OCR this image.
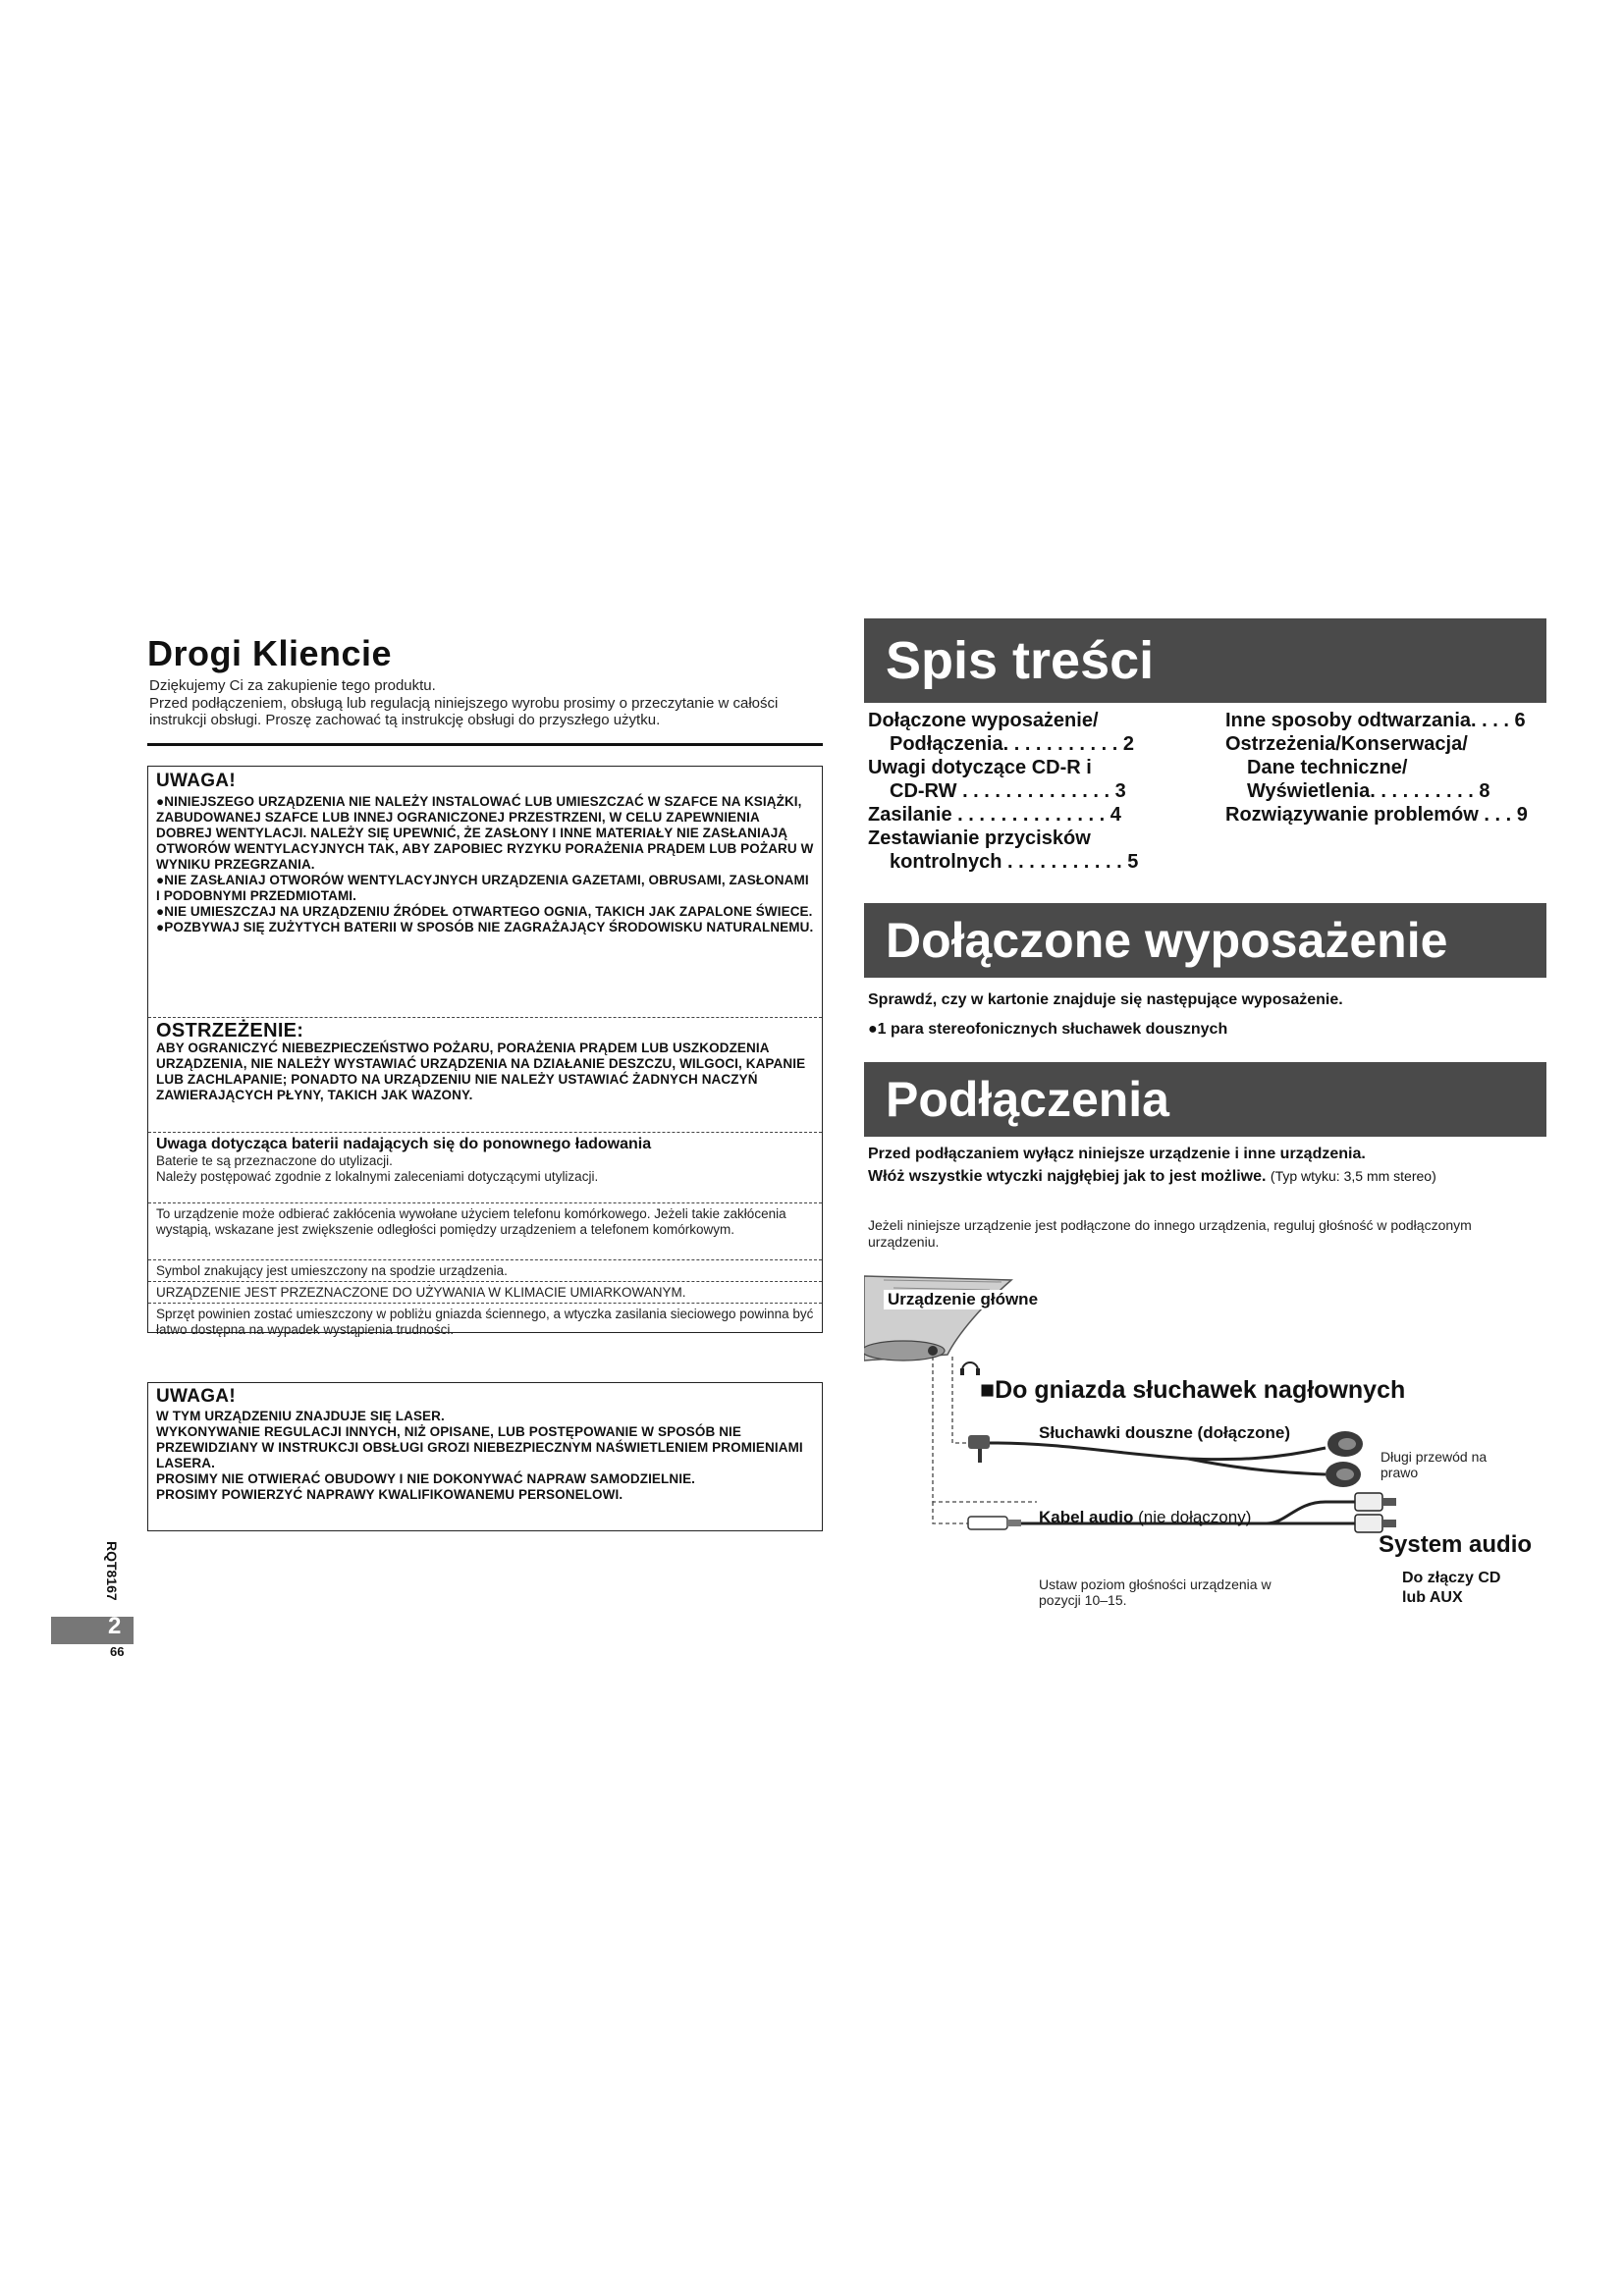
Drogi Kliencie
Dziękujemy Ci za zakupienie tego produktu.
Przed podłączeniem, obsługą lub regulacją niniejszego wyrobu prosimy o przeczytanie w całości instrukcji obsługi. Proszę zachować tą instrukcję obsługi do przyszłego użytku.
UWAGA!
●NINIEJSZEGO URZĄDZENIA NIE NALEŻY INSTALOWAĆ LUB UMIESZCZAĆ W SZAFCE NA KSIĄŻKI, ZABUDOWANEJ SZAFCE LUB INNEJ OGRANICZONEJ PRZESTRZENI, W CELU ZAPEWNIENIA DOBREJ WENTYLACJI. NALEŻY SIĘ UPEWNIĆ, ŻE ZASŁONY I INNE MATERIAŁY NIE ZASŁANIAJĄ OTWORÓW WENTYLACYJNYCH TAK, ABY ZAPOBIEC RYZYKU PORAŻENIA PRĄDEM LUB POŻARU W WYNIKU PRZEGRZANIA.
●NIE ZASŁANIAJ OTWORÓW WENTYLACYJNYCH URZĄDZENIA GAZETAMI, OBRUSAMI, ZASŁONAMI I PODOBNYMI PRZEDMIOTAMI.
●NIE UMIESZCZAJ NA URZĄDZENIU ŹRÓDEŁ OTWARTEGO OGNIA, TAKICH JAK ZAPALONE ŚWIECE.
●POZBYWAJ SIĘ ZUŻYTYCH BATERII W SPOSÓB NIE ZAGRAŻAJĄCY ŚRODOWISKU NATURALNEMU.
OSTRZEŻENIE:
ABY OGRANICZYĆ NIEBEZPIECZEŃSTWO POŻARU, PORAŻENIA PRĄDEM LUB USZKODZENIA URZĄDZENIA, NIE NALEŻY WYSTAWIAĆ URZĄDZENIA NA DZIAŁANIE DESZCZU, WILGOCI, KAPANIE LUB ZACHLAPANIE; PONADTO NA URZĄDZENIU NIE NALEŻY USTAWIAĆ ŻADNYCH NACZYŃ ZAWIERAJĄCYCH PŁYNY, TAKICH JAK WAZONY.
Uwaga dotycząca baterii nadających się do ponownego ładowania
Baterie te są przeznaczone do utylizacji.
Należy postępować zgodnie z lokalnymi zaleceniami dotyczącymi utylizacji.
To urządzenie może odbierać zakłócenia wywołane użyciem telefonu komórkowego. Jeżeli takie zakłócenia wystąpią, wskazane jest zwiększenie odległości pomiędzy urządzeniem a telefonem komórkowym.
Symbol znakujący jest umieszczony na spodzie urządzenia.
URZĄDZENIE JEST PRZEZNACZONE DO UŻYWANIA W KLIMACIE UMIARKOWANYM.
Sprzęt powinien zostać umieszczony w pobliżu gniazda ściennego, a wtyczka zasilania sieciowego powinna być łatwo dostępna na wypadek wystąpienia trudności.
UWAGA!
W TYM URZĄDZENIU ZNAJDUJE SIĘ LASER.
WYKONYWANIE REGULACJI INNYCH, NIŻ OPISANE, LUB POSTĘPOWANIE W SPOSÓB NIE PRZEWIDZIANY W INSTRUKCJI OBSŁUGI GROZI NIEBEZPIECZNYM NAŚWIETLENIEM PROMIENIAMI LASERA.
PROSIMY NIE OTWIERAĆ OBUDOWY I NIE DOKONYWAĆ NAPRAW SAMODZIELNIE.
PROSIMY POWIERZYĆ NAPRAWY KWALIFIKOWANEMU PERSONELOWI.
RQT8167
2
66
Spis treści
Dołączone wyposażenie/
Podłączenia. . . . . . . . . . . 2
Uwagi dotyczące CD-R i
CD-RW . . . . . . . . . . . . . . 3
Zasilanie . . . . . . . . . . . . . . 4
Zestawianie przycisków
kontrolnych . . . . . . . . . . . 5
Inne sposoby odtwarzania. . . . 6
Ostrzeżenia/Konserwacja/
Dane techniczne/
Wyświetlenia. . . . . . . . . . 8
Rozwiązywanie problemów . . . 9
Dołączone wyposażenie
Sprawdź, czy w kartonie znajduje się następujące wyposażenie.
●1 para stereofonicznych słuchawek dousznych
Podłączenia
Przed podłączaniem wyłącz niniejsze urządzenie i inne urządzenia.
Włóż wszystkie wtyczki najgłębiej jak to jest możliwe. (Typ wtyku: 3,5 mm stereo)
Jeżeli niniejsze urządzenie jest podłączone do innego urządzenia, reguluj głośność w podłączonym urządzeniu.
Urządzenie główne
■Do gniazda słuchawek nagłownych
Słuchawki douszne (dołączone)
Długi przewód na prawo
Kabel audio (nie dołączony)
System audio
Ustaw poziom głośności urządzenia w pozycji 10–15.
Do złączy CD lub AUX
